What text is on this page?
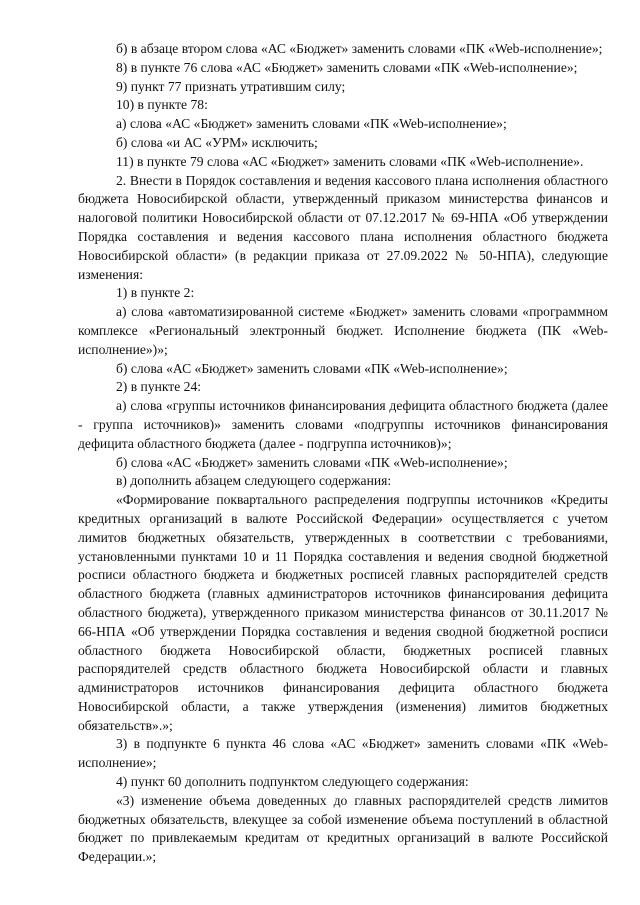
б) в абзаце втором слова «АС «Бюджет» заменить словами «ПК «Web-исполнение»;

8) в пункте 76 слова «АС «Бюджет» заменить словами «ПК «Web-исполнение»;

9) пункт 77 признать утратившим силу;

10) в пункте 78:

а) слова «АС «Бюджет» заменить словами «ПК «Web-исполнение»;

б) слова «и АС «УРМ» исключить;

11) в пункте 79 слова «АС «Бюджет» заменить словами «ПК «Web-исполнение».

2. Внести в Порядок составления и ведения кассового плана исполнения областного бюджета Новосибирской области, утвержденный приказом министерства финансов и налоговой политики Новосибирской области от 07.12.2017 № 69-НПА «Об утверждении Порядка составления и ведения кассового плана исполнения областного бюджета Новосибирской области» (в редакции приказа от 27.09.2022 № 50-НПА), следующие изменения:

1) в пункте 2:

а) слова «автоматизированной системе «Бюджет» заменить словами «программном комплексе «Региональный электронный бюджет. Исполнение бюджета (ПК «Web-исполнение»)»;

б) слова «АС «Бюджет» заменить словами «ПК «Web-исполнение»;

2) в пункте 24:

а) слова «группы источников финансирования дефицита областного бюджета (далее - группа источников)» заменить словами «подгруппы источников финансирования дефицита областного бюджета (далее - подгруппа источников)»;

б) слова «АС «Бюджет» заменить словами «ПК «Web-исполнение»;

в) дополнить абзацем следующего содержания:

«Формирование поквартального распределения подгруппы источников «Кредиты кредитных организаций в валюте Российской Федерации» осуществляется с учетом лимитов бюджетных обязательств, утвержденных в соответствии с требованиями, установленными пунктами 10 и 11 Порядка составления и ведения сводной бюджетной росписи областного бюджета и бюджетных росписей главных распорядителей средств областного бюджета (главных администраторов источников финансирования дефицита областного бюджета), утвержденного приказом министерства финансов от 30.11.2017 № 66-НПА «Об утверждении Порядка составления и ведения сводной бюджетной росписи областного бюджета Новосибирской области, бюджетных росписей главных распорядителей средств областного бюджета Новосибирской области и главных администраторов источников финансирования дефицита областного бюджета Новосибирской области, а также утверждения (изменения) лимитов бюджетных обязательств».»;

3) в подпункте 6 пункта 46 слова «АС «Бюджет» заменить словами «ПК «Web-исполнение»;

4) пункт 60 дополнить подпунктом следующего содержания:

«3) изменение объема доведенных до главных распорядителей средств лимитов бюджетных обязательств, влекущее за собой изменение объема поступлений в областной бюджет по привлекаемым кредитам от кредитных организаций в валюте Российской Федерации.»;
